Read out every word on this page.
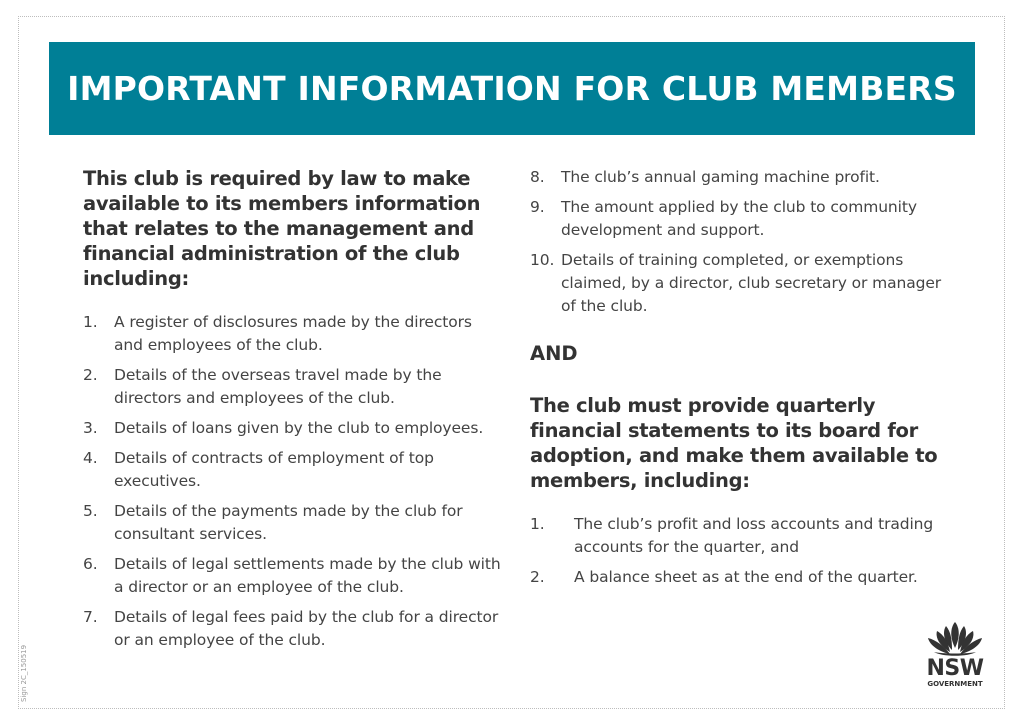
IMPORTANT INFORMATION FOR CLUB MEMBERS

This club is required by law to make available to its members information that relates to the management and financial administration of the club including:

1.	A register of disclosures made by the directors and employees of the club.
2.	Details of the overseas travel made by the directors and employees of the club.
3.	Details of loans given by the club to employees.
4.	Details of contracts of employment of top executives.
5.	Details of the payments made by the club for consultant services.
6.	Details of legal settlements made by the club with a director or an employee of the club.
7.	Details of legal fees paid by the club for a director or an employee of the club.
8.	The club’s annual gaming machine profit.
9.	The amount applied by the club to community development and support.
10. Details of training completed, or exemptions claimed, by a director, club secretary or manager of the club.
AND

The club must provide quarterly financial statements to its board for adoption, and make them available to members, including:

1.	The club’s profit and loss accounts and trading accounts for the quarter, and
2.	A balance sheet as at the end of the quarter.
Sign 2C_150519	NSW
GOVERNMENT
